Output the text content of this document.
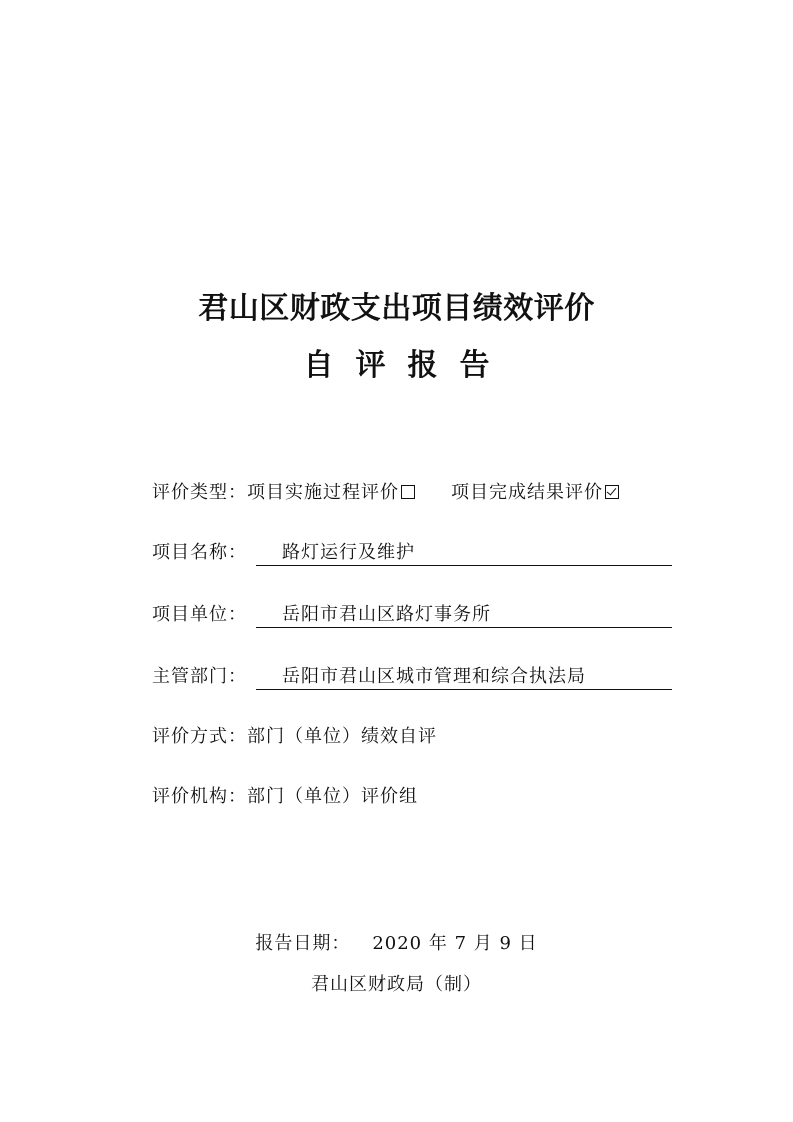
君山区财政支出项目绩效评价
自评报告
评价类型：项目实施过程评价	项目完成结果评价
项目名称：	路灯运行及维护
项目单位：	岳阳市君山区路灯事务所
主管部门：	岳阳市君山区城市管理和综合执法局
评价方式：部门（单位）绩效自评
评价机构：部门（单位）评价组
报告日期： 2020 年 7 月 9 日
君山区财政局（制）
